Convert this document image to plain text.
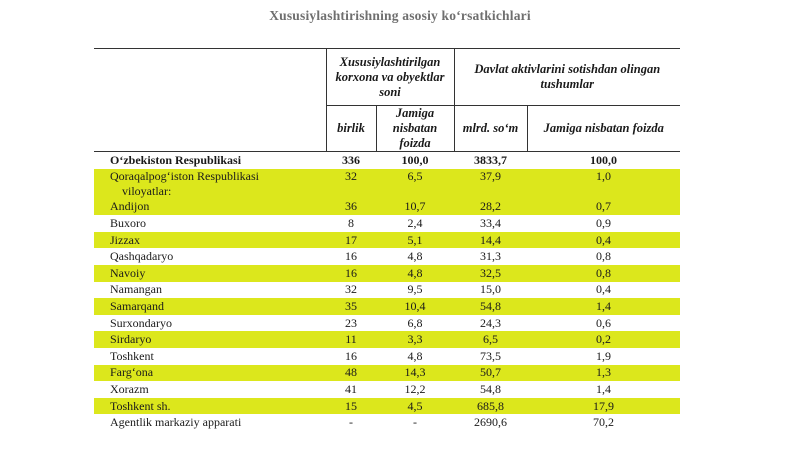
Xususiylashtirishning asosiy ko‘rsatkichlari
	Xususiylashtirilgan korxona va obyektlar soni		Davlat aktivlarini sotishdan olingan tushumlar	
	birlik	Jamiga nisbatan foizda	mlrd. so‘m	Jamiga nisbatan foizda
O‘zbekiston Respublikasi	336	100,0	3833,7	100,0

Qoraqalpog‘iston Respublikasi
viloyatlar:	32	6,5	37,9	1,0

Andijon	36	10,7	28,2	0,7

Buxoro	8	2,4	33,4	0,9

Jizzax	17	5,1	14,4	0,4

Qashqadaryo	16	4,8	31,3	0,8

Navoiy	16	4,8	32,5	0,8

Namangan	32	9,5	15,0	0,4

Samarqand	35	10,4	54,8	1,4

Surxondaryo	23	6,8	24,3	0,6

Sirdaryo	11	3,3	6,5	0,2

Toshkent	16	4,8	73,5	1,9

Farg‘ona	48	14,3	50,7	1,3

Xorazm	41	12,2	54,8	1,4

Toshkent sh.	15	4,5	685,8	17,9

Agentlik markaziy apparati	-	-	2690,6	70,2
